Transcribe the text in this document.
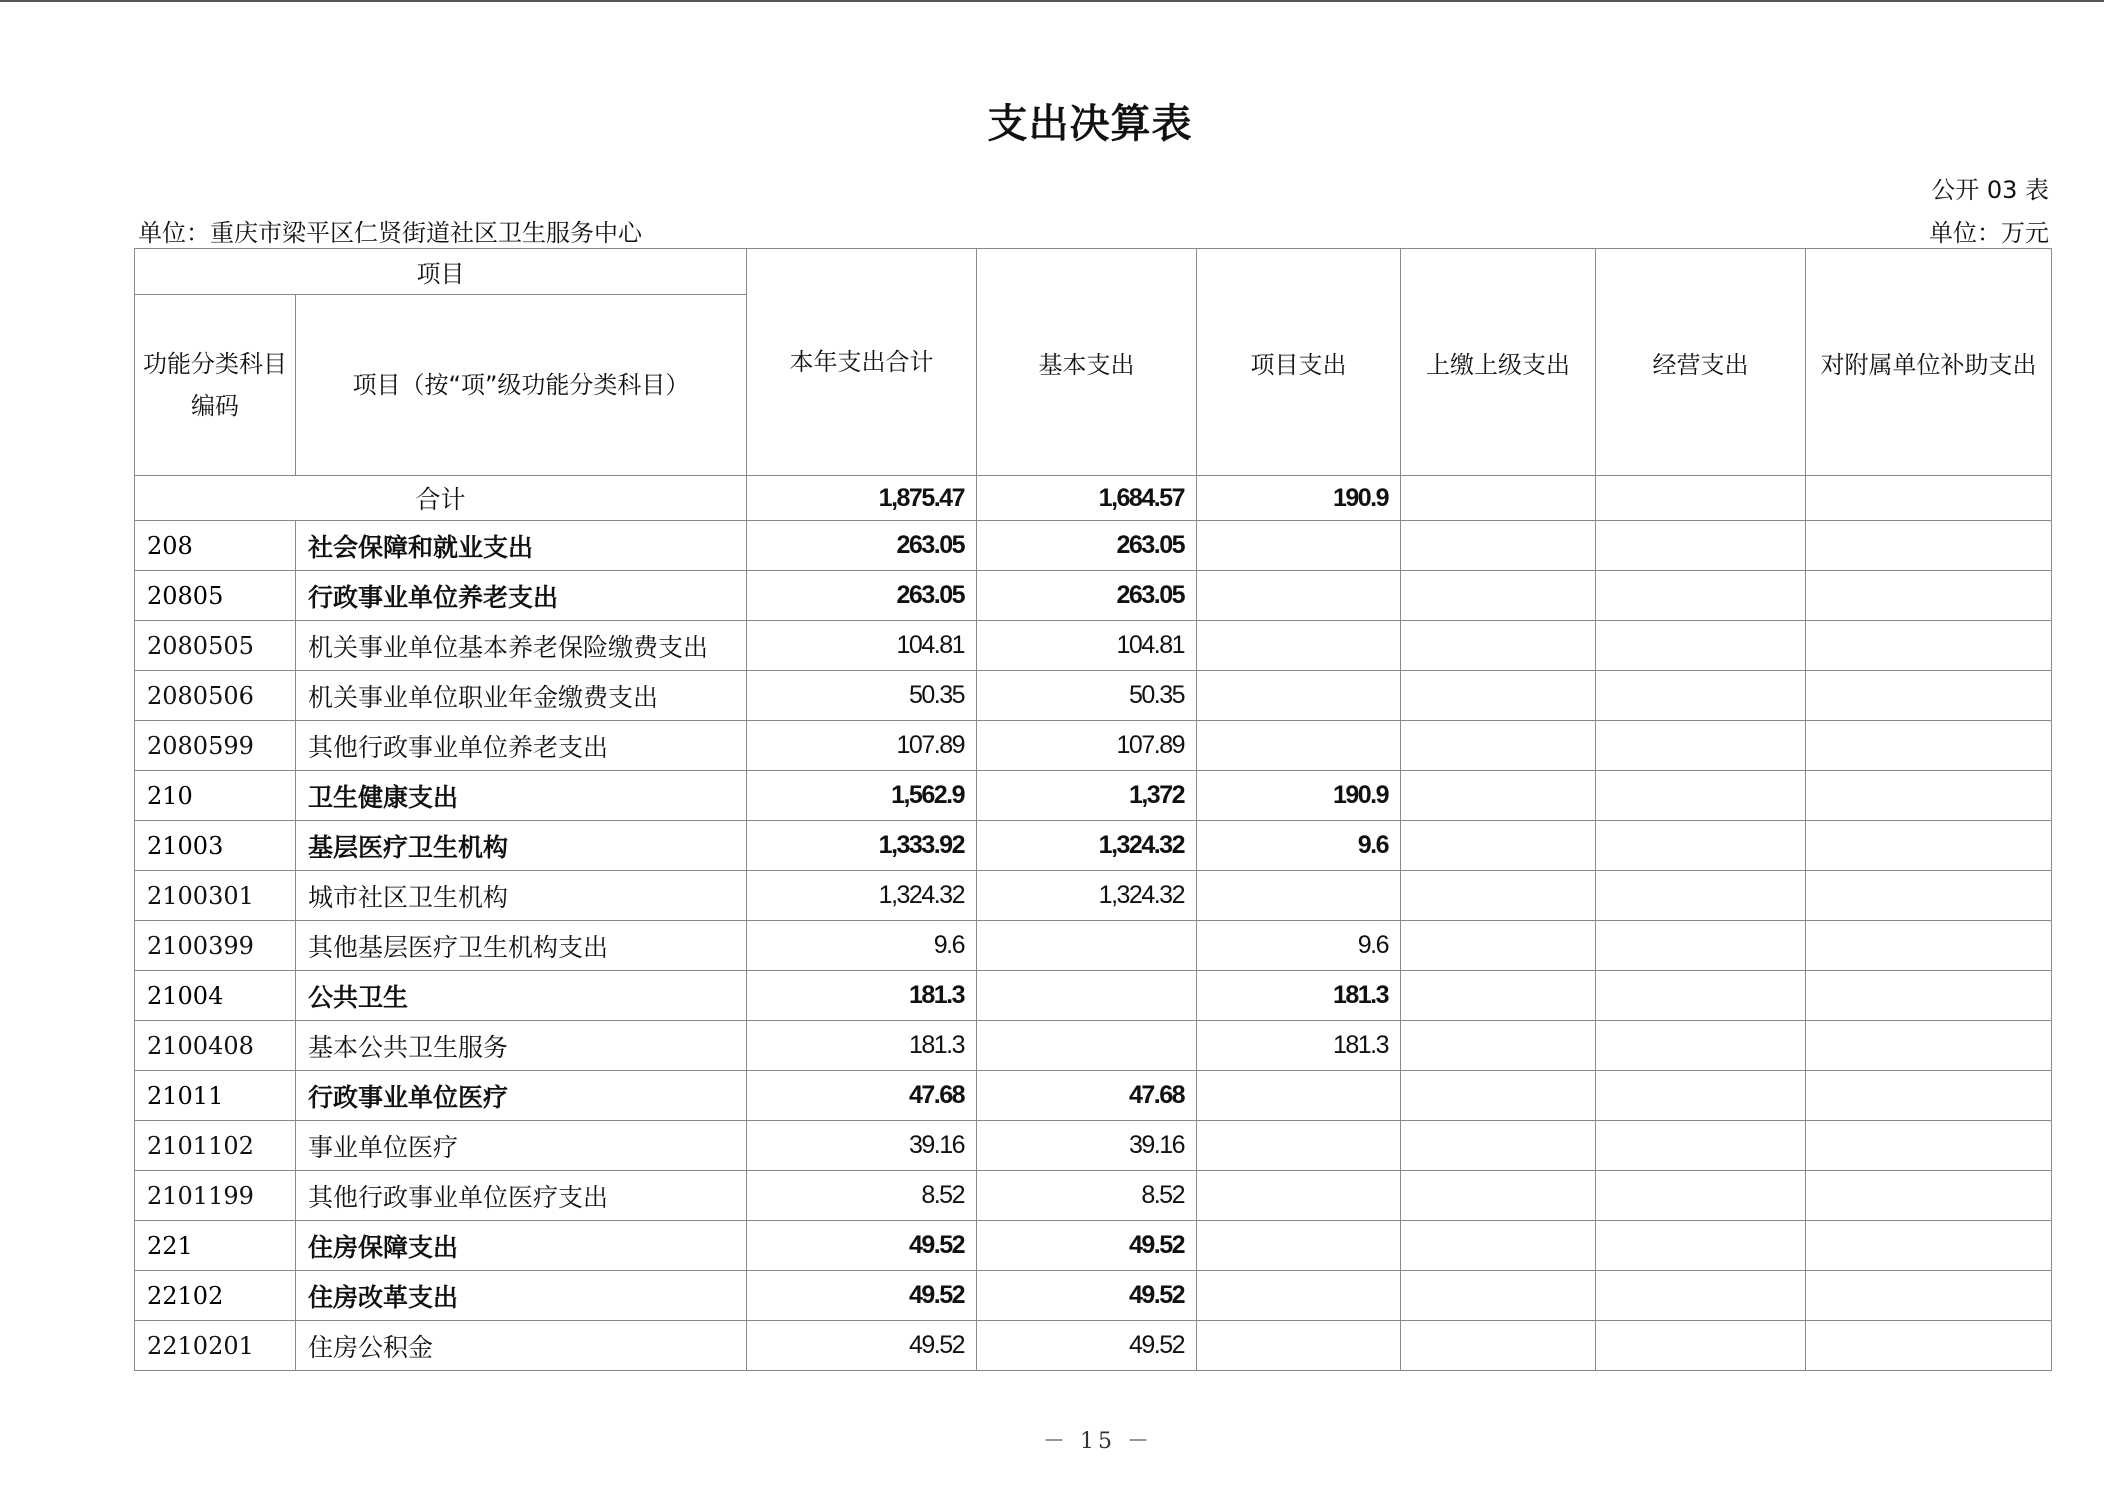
支出决算表
公开 03 表
单位：重庆市梁平区仁贤街道社区卫生服务中心	单位：万元
项目		本年支出合计	基本支出	项目支出	上缴上级支出	经营支出	对附属单位补助支出
功能分类科目编码	项目（按“项”级功能分类科目）						
合计		1,875.47	1,684.57	190.9			
208	社会保障和就业支出	263.05	263.05				
20805	行政事业单位养老支出	263.05	263.05				
2080505	机关事业单位基本养老保险缴费支出	104.81	104.81				
2080506	机关事业单位职业年金缴费支出	50.35	50.35				
2080599	其他行政事业单位养老支出	107.89	107.89				
210	卫生健康支出	1,562.9	1,372	190.9			
21003	基层医疗卫生机构	1,333.92	1,324.32	9.6			
2100301	城市社区卫生机构	1,324.32	1,324.32				
2100399	其他基层医疗卫生机构支出	9.6		9.6			
21004	公共卫生	181.3		181.3			
2100408	基本公共卫生服务	181.3		181.3			
21011	行政事业单位医疗	47.68	47.68				
2101102	事业单位医疗	39.16	39.16				
2101199	其他行政事业单位医疗支出	8.52	8.52				
221	住房保障支出	49.52	49.52				
22102	住房改革支出	49.52	49.52				
2210201	住房公积金	49.52	49.52				
－ 15 －
